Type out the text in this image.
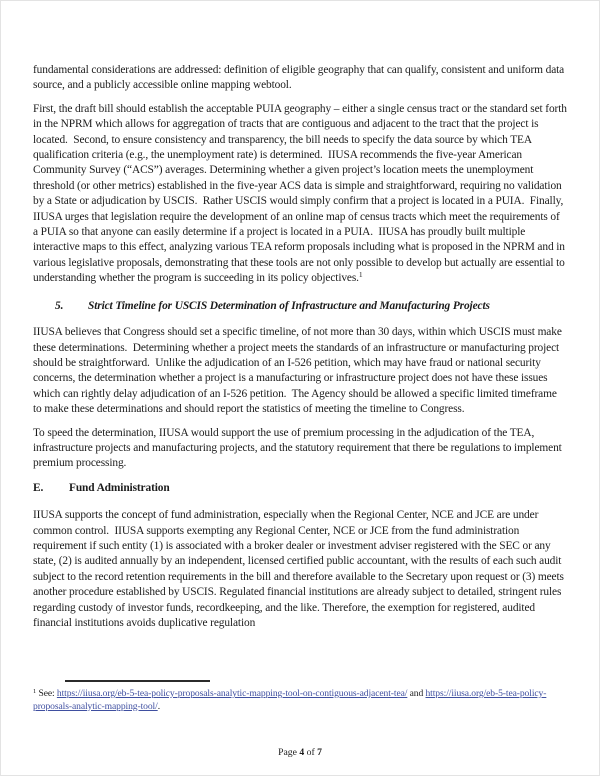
fundamental considerations are addressed: definition of eligible geography that can qualify, consistent and uniform data source, and a publicly accessible online mapping webtool.

First, the draft bill should establish the acceptable PUIA geography – either a single census tract or the standard set forth in the NPRM which allows for aggregation of tracts that are contiguous and adjacent to the tract that the project is located.  Second, to ensure consistency and transparency, the bill needs to specify the data source by which TEA qualification criteria (e.g., the unemployment rate) is determined.  IIUSA recommends the five-year American Community Survey (“ACS”) averages. Determining whether a given project’s location meets the unemployment threshold (or other metrics) established in the five-year ACS data is simple and straightforward, requiring no validation by a State or adjudication by USCIS.  Rather USCIS would simply confirm that a project is located in a PUIA.  Finally, IIUSA urges that legislation require the development of an online map of census tracts which meet the requirements of a PUIA so that anyone can easily determine if a project is located in a PUIA.  IIUSA has proudly built multiple interactive maps to this effect, analyzing various TEA reform proposals including what is proposed in the NPRM and in various legislative proposals, demonstrating that these tools are not only possible to develop but actually are essential to understanding whether the program is succeeding in its policy objectives.$^1$

5. Strict Timeline for USCIS Determination of Infrastructure and Manufacturing Projects

IIUSA believes that Congress should set a specific timeline, of not more than 30 days, within which USCIS must make these determinations.  Determining whether a project meets the standards of an infrastructure or manufacturing project should be straightforward.  Unlike the adjudication of an I-526 petition, which may have fraud or national security concerns, the determination whether a project is a manufacturing or infrastructure project does not have these issues which can rightly delay adjudication of an I-526 petition.  The Agency should be allowed a specific limited timeframe to make these determinations and should report the statistics of meeting the timeline to Congress.

To speed the determination, IIUSA would support the use of premium processing in the adjudication of the TEA, infrastructure projects and manufacturing projects, and the statutory requirement that there be regulations to implement premium processing.

E. Fund Administration

IIUSA supports the concept of fund administration, especially when the Regional Center, NCE and JCE are under common control.  IIUSA supports exempting any Regional Center, NCE or JCE from the fund administration requirement if such entity (1) is associated with a broker dealer or investment adviser registered with the SEC or any state, (2) is audited annually by an independent, licensed certified public accountant, with the results of each such audit subject to the record retention requirements in the bill and therefore available to the Secretary upon request or (3) meets another procedure established by USCIS. Regulated financial institutions are already subject to detailed, stringent rules regarding custody of investor funds, recordkeeping, and the like. Therefore, the exemption for registered, audited financial institutions avoids duplicative regulation

$^1$ See: https://iiusa.org/eb-5-tea-policy-proposals-analytic-mapping-tool-on-contiguous-adjacent-tea/ and https://iiusa.org/eb-5-tea-policy-proposals-analytic-mapping-tool/.
Page 4 of 7
